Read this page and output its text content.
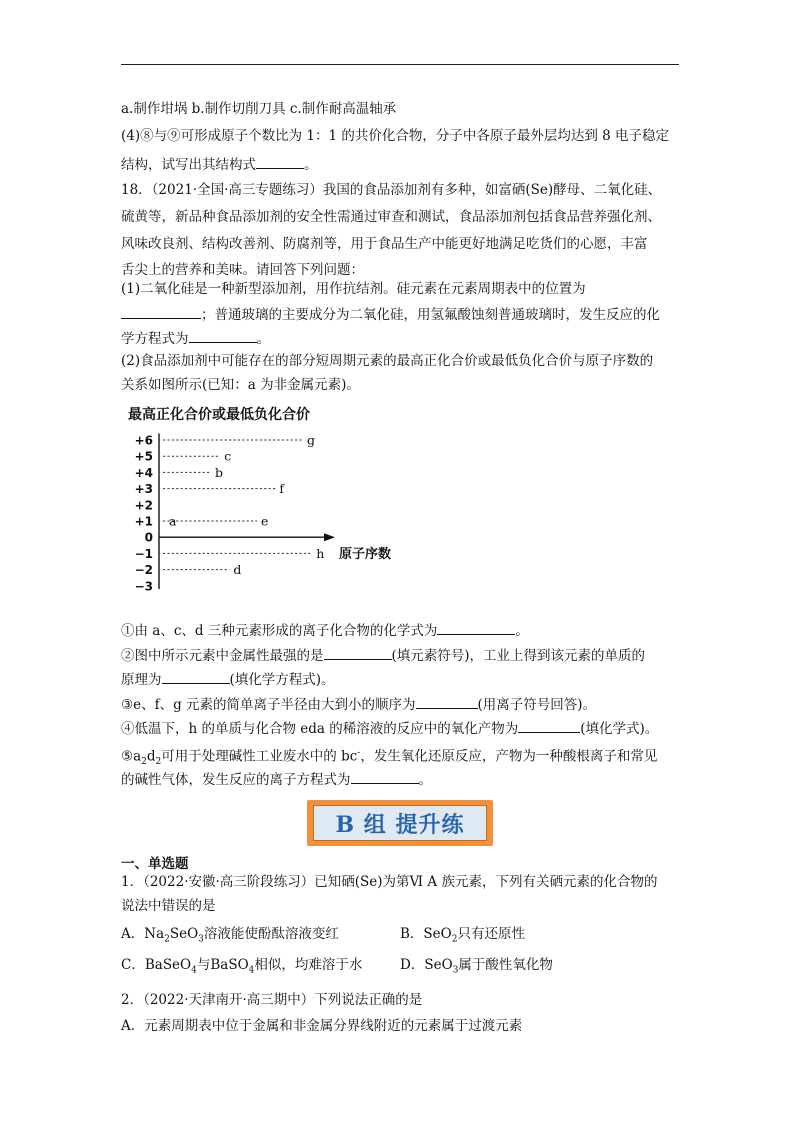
a.制作坩埚 b.制作切削刀具 c.制作耐高温轴承
(4)⑧与⑨可形成原子个数比为 1：1 的共价化合物，分子中各原子最外层均达到 8 电子稳定
结构，试写出其结构式	。
18．（2021·全国·高三专题练习）我国的食品添加剂有多种，如富硒(Se)酵母、二氧化硅、
硫黄等，新品种食品添加剂的安全性需通过审查和测试，食品添加剂包括食品营养强化剂、
风味改良剂、结构改善剂、防腐剂等，用于食品生产中能更好地满足吃货们的心愿，丰富
舌尖上的营养和美味。请回答下列问题：
(1)二氧化硅是一种新型添加剂，用作抗结剂。硅元素在元素周期表中的位置为
；普通玻璃的主要成分为二氧化硅，用氢氟酸蚀刻普通玻璃时，发生反应的化
学方程式为	。
(2)食品添加剂中可能存在的部分短周期元素的最高正化合价或最低负化合价与原子序数的
关系如图所示(已知：a 为非金属元素)。
最高正化合价或最低负化合价
原子序数
+6
+5
+4
+3
+2
+1
0
−1
−2
−3
a
b
c
d
e
f
g
h
①由 a、c、d 三种元素形成的离子化合物的化学式为	。
②图中所示元素中金属性最强的是	(填元素符号)，工业上得到该元素的单质的
原理为	(填化学方程式)。
③e、f、g 元素的简单离子半径由大到小的顺序为	(用离子符号回答)。
④低温下，h 的单质与化合物 eda 的稀溶液的反应中的氧化产物为	(填化学式)。
$⑤a_2d_2$可用于处理碱性工业废水中的 bc-，发生氧化还原反应，产物为一种酸根离子和常见
的碱性气体，发生反应的离子方程式为	。
B 组 提升练
一、单选题
1．（2022·安徽·高三阶段练习）已知硒(Se)为第Ⅵ A 族元素，下列有关硒元素的化合物的
说法中错误的是
A．$Na_2SeO_3$溶液能使酚酞溶液变红	B．SeO$_2$只有还原性
C．BaSeO$_4$与BaSO$_4$相似，均难溶于水	D．SeO$_3$属于酸性氧化物
2．（2022·天津南开·高三期中）下列说法正确的是
A．元素周期表中位于金属和非金属分界线附近的元素属于过渡元素
